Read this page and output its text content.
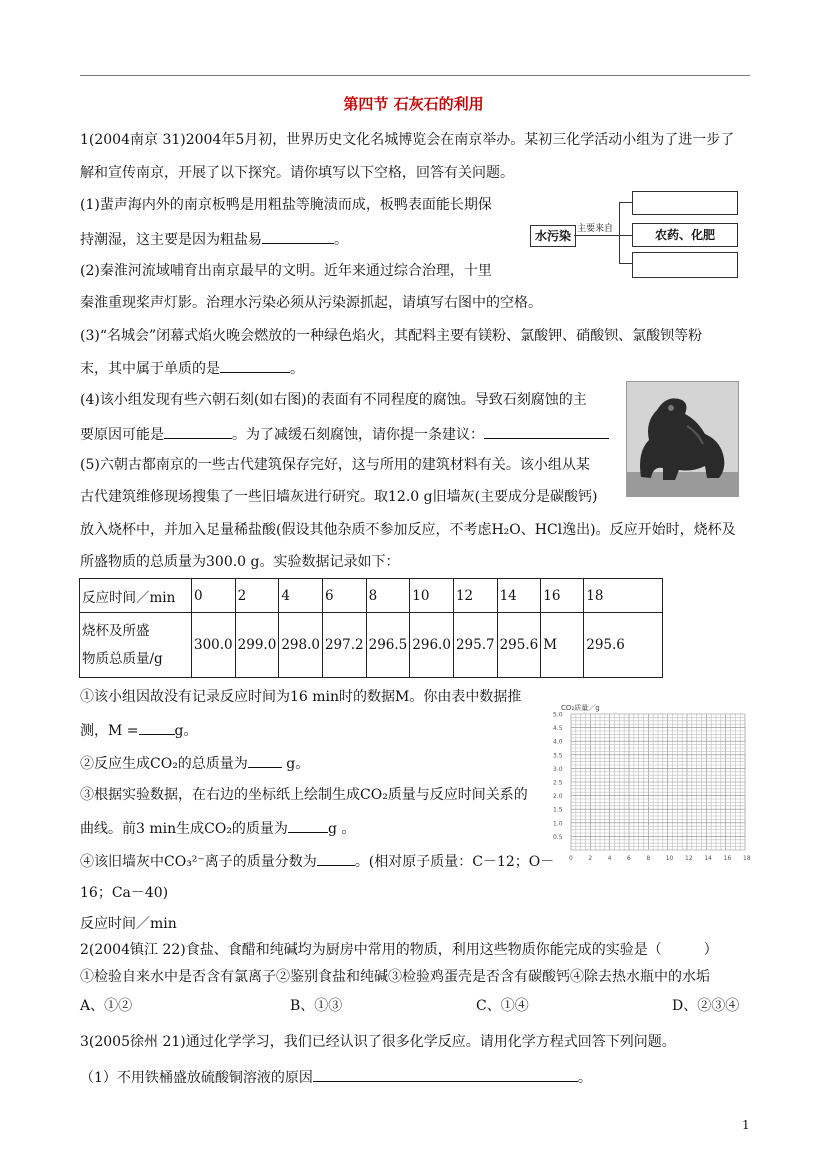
第四节 石灰石的利用
1(2004南京 31)2004年5月初，世界历史文化名城博览会在南京举办。某初三化学活动小组为了进一步了
解和宣传南京，开展了以下探究。请你填写以下空格，回答有关问题。
(1)蜚声海内外的南京板鸭是用粗盐等腌渍而成，板鸭表面能长期保
持潮湿，这主要是因为粗盐易	。	水污染 主要来自	农药、化肥
(2)秦淮河流域哺育出南京最早的文明。近年来通过综合治理，十里
秦淮重现桨声灯影。治理水污染必须从污染源抓起，请填写右图中的空格。
(3)“名城会”闭幕式焰火晚会燃放的一种绿色焰火，其配料主要有镁粉、氯酸钾、硝酸钡、氯酸钡等粉
末，其中属于单质的是	。
(4)该小组发现有些六朝石刻(如右图)的表面有不同程度的腐蚀。导致石刻腐蚀的主
要原因可能是	。为了减缓石刻腐蚀，请你提一条建议：
(5)六朝古都南京的一些古代建筑保存完好，这与所用的建筑材料有关。该小组从某
古代建筑维修现场搜集了一些旧墙灰进行研究。取12.0 g旧墙灰(主要成分是碳酸钙)
放入烧杯中，并加入足量稀盐酸(假设其他杂质不参加反应，不考虑H₂O、HCl逸出)。反应开始时，烧杯及
所盛物质的总质量为300.0 g。实验数据记录如下：
反应时间／min	0	2	4	6	8	10	12	14	16	18
烧杯及所盛
物质总质量/g	300.0	299.0	298.0	297.2	296.5	296.0	295.7	295.6	M	295.6
①该小组因故没有记录反应时间为16 min时的数据M。你由表中数据推
测，M =	g。
②反应生成CO₂的总质量为 g。
③根据实验数据，在右边的坐标纸上绘制生成CO₂质量与反应时间关系的
曲线。前3 min生成CO₂的质量为	g 。
④该旧墙灰中CO₃²⁻离子的质量分数为	。(相对原子质量：C－12；O－
16；Ca－40)
反应时间／min
CO₂质量／g
5.0
4.5
4.0
3.5
3.0
2.5
2.0
1.5
1.0
0.5
0	2	4	6	8	10 12 14 16 18
2(2004镇江 22)食盐、食醋和纯碱均为厨房中常用的物质，利用这些物质你能完成的实验是（　　　）
①检验自来水中是否含有氯离子②鉴别食盐和纯碱③检验鸡蛋壳是否含有碳酸钙④除去热水瓶中的水垢
A、①②	B、①③	C、①④	D、②③④
3(2005徐州 21)通过化学学习，我们已经认识了很多化学反应。请用化学方程式回答下列问题。
（1）不用铁桶盛放硫酸铜溶液的原因	。
1
